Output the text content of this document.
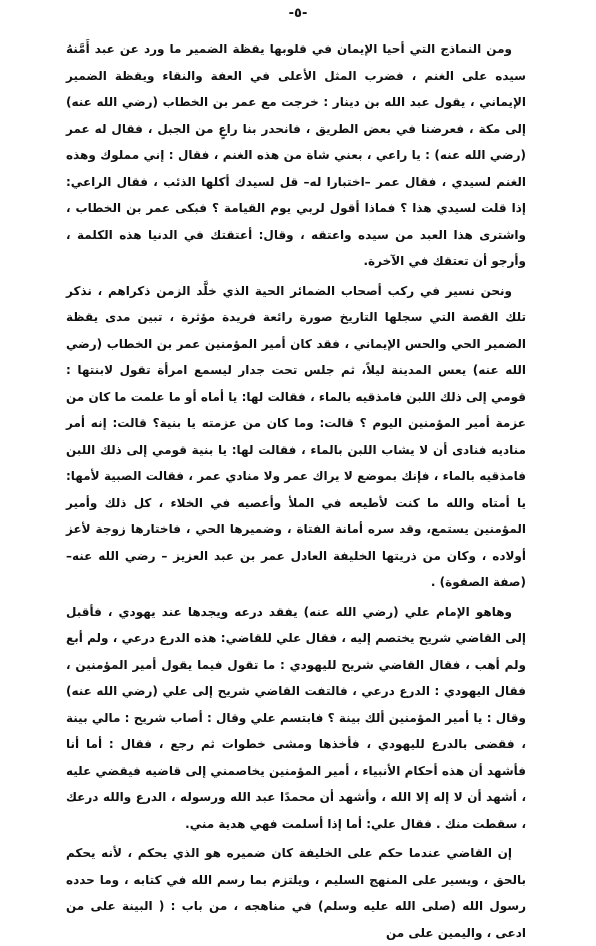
-٥-

ومن النماذج التي أحيا الإيمان في قلوبها يقظة الضمير ما ورد عن عبد أَمَّنهُ سيده على الغنم ، فضرب المثل الأعلى في العفة والنقاء ويقظة الضمير الإيماني ، يقول عبد الله بن دينار : خرجت مع عمر بن الخطاب (رضي الله عنه) إلى مكة ، فعرضنا في بعض الطريق ، فانحدر بنا راعٍ من الجبل ، فقال له عمر (رضي الله عنه) : يا راعي ، بعني شاة من هذه الغنم ، فقال : إني مملوك وهذه الغنم لسيدي ، فقال عمر –اختبارا له– قل لسيدك أكلها الذئب ، فقال الراعي: إذا قلت لسيدي هذا ؟ فماذا أقول لربي يوم القيامة ؟ فبكى عمر بن الخطاب ، واشترى هذا العبد من سيده واعتقه ، وقال: أعتقتك في الدنيا هذه الكلمة ، وأرجو أن تعتقك في الآخرة.

ونحن نسير في ركب أصحاب الضمائر الحية الذي خلَّد الزمن ذكراهم ، نذكر تلك القصة التي سجلها التاريخ صورة رائعة فريدة مؤثرة ، تبين مدى يقظة الضمير الحي والحس الإيماني ، فقد كان أمير المؤمنين عمر بن الخطاب (رضي الله عنه) يعس المدينة ليلاً، ثم جلس تحت جدار ليسمع امرأة تقول لابنتها : قومي إلى ذلك اللبن فامذقيه بالماء ، فقالت لها: يا أماه أو ما علمت ما كان من عزمة أمير المؤمنين اليوم ؟ قالت: وما كان من عزمته يا بنية؟ قالت: إنه أمر مناديه فنادى أن لا يشاب اللبن بالماء ، فقالت لها: يا بنية قومي إلى ذلك اللبن فامذقيه بالماء ، فإنك بموضع لا يراك عمر ولا منادي عمر ، فقالت الصبية لأمها: يا أمتاه والله ما كنت لأطيعه في الملأ وأعصيه في الخلاء ، كل ذلك وأمير المؤمنين يستمع، وقد سره أمانة الفتاة ، وضميرها الحي ، فاختارها زوجة لأعز أولاده ، وكان من ذريتها الخليفة العادل عمر بن عبد العزيز – رضي الله عنه– (صفة الصفوة) .

وهاهو الإمام علي (رضي الله عنه) يفقد درعه ويجدها عند يهودي ، فأقبل إلى القاضي شريح يختصم إليه ، فقال علي للقاضي: هذه الدرع درعي ، ولم أبع ولم أهب ، فقال القاضي شريح لليهودي : ما تقول فيما يقول أمير المؤمنين ، فقال اليهودي : الدرع درعي ، فالتفت القاضي شريح إلى علي (رضي الله عنه) وقال : يا أمير المؤمنين ألك بينة ؟ فابتسم علي وقال : أصاب شريح : مالي بينة ، فقضى بالدرع لليهودي ، فأخذها ومشى خطوات ثم رجع ، فقال : أما أنا فأشهد أن هذه أحكام الأنبياء ، أمير المؤمنين يخاصمني إلى قاضيه فيقضي عليه ، أشهد أن لا إله إلا الله ، وأشهد أن محمدًا عبد الله ورسوله ، الدرع والله درعك ، سقطت منك . فقال علي: أما إذا أسلمت فهي هدية مني.

إن القاضي عندما حكم على الخليفة كان ضميره هو الذي يحكم ، لأنه يحكم بالحق ، ويسير على المنهج السليم ، ويلتزم بما رسم الله في كتابه ، وما حدده رسول الله (صلى الله عليه وسلم) في مناهجه ، من باب : ( البينة على من ادعى ، واليمين على من
